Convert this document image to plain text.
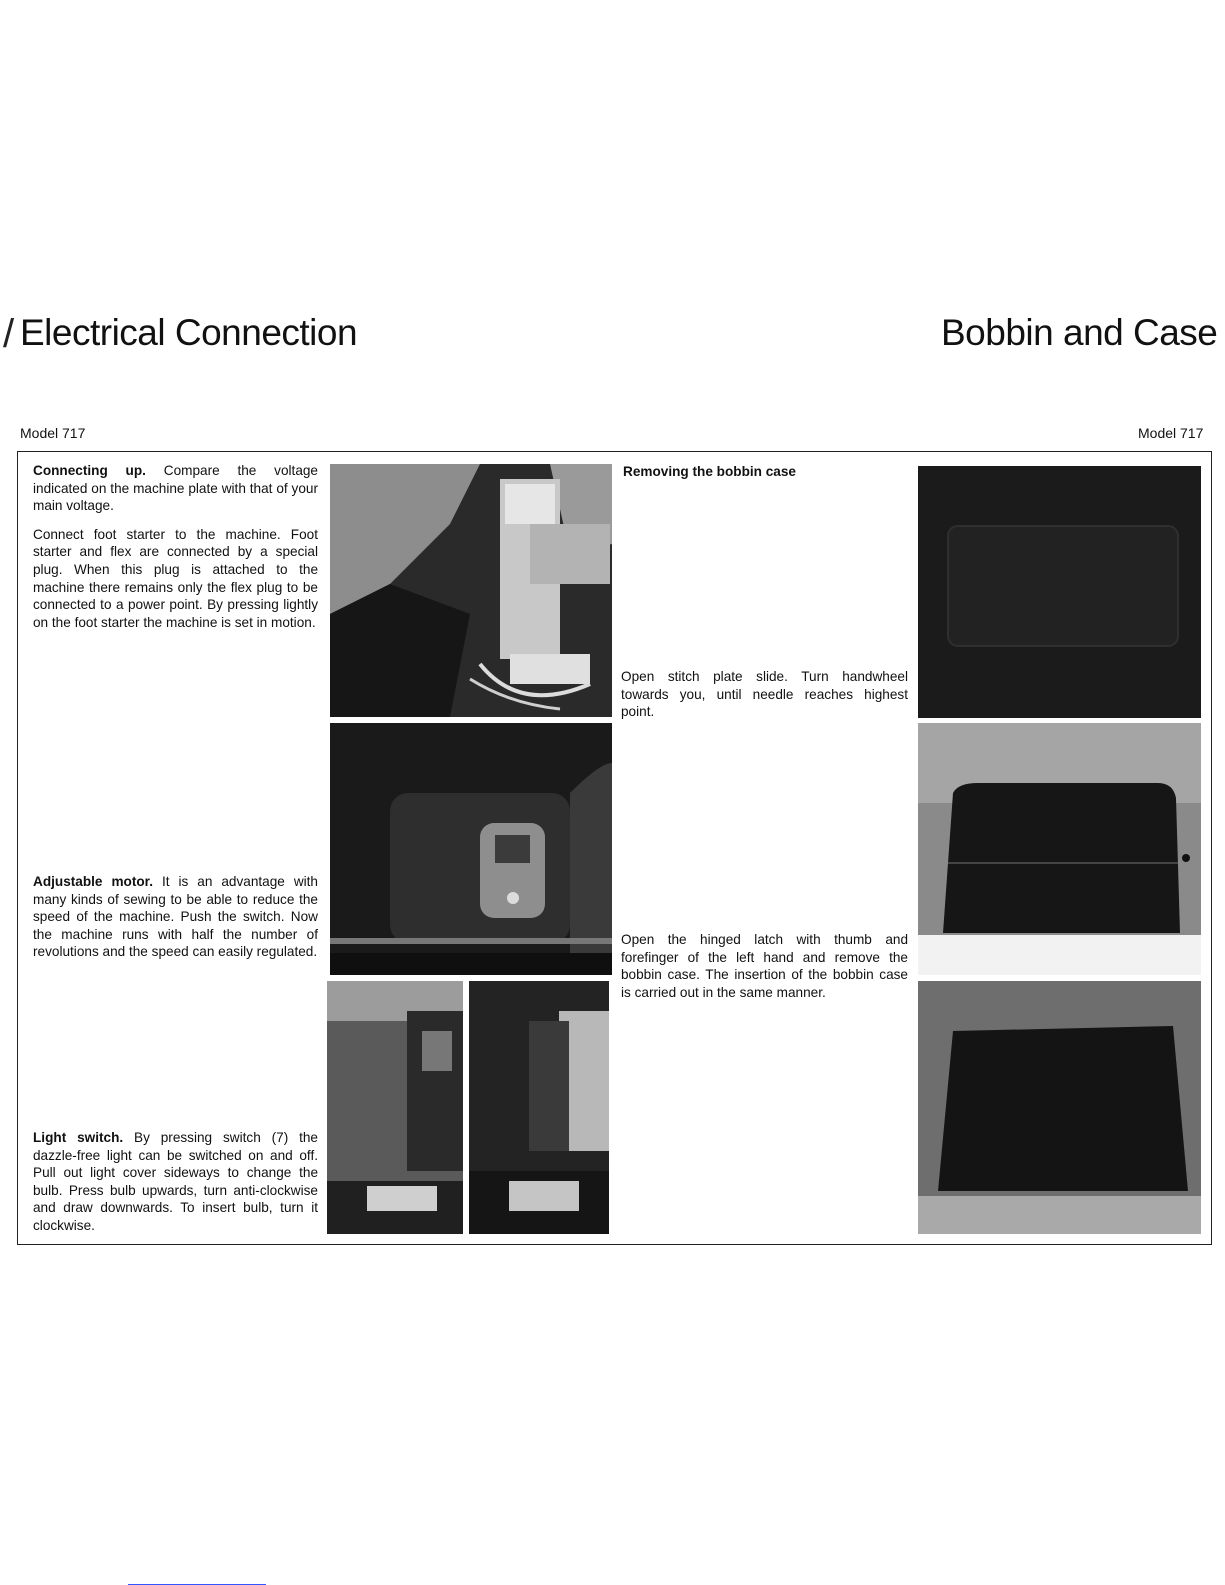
/ Electrical Connection	Bobbin and Case
Model 717	Model 717

Connecting up. Compare the voltage indicated on the machine plate with that of your main voltage.

Connect foot starter to the machine. Foot starter and flex are connected by a special plug. When this plug is attached to the machine there remains only the flex plug to be connected to a power point. By pressing lightly on the foot starter the machine is set in motion.

Adjustable motor. It is an advantage with many kinds of sewing to be able to reduce the speed of the machine. Push the switch. Now the machine runs with half the number of revolutions and the speed can easily regulated.

Light switch. By pressing switch (7) the dazzle-free light can be switched on and off. Pull out light cover sideways to change the bulb. Press bulb upwards, turn anti-clockwise and draw downwards. To insert bulb, turn it clockwise.

Removing the bobbin case

Open stitch plate slide. Turn handwheel towards you, until needle reaches highest point.

Open the hinged latch with thumb and forefinger of the left hand and remove the bobbin case. The insertion of the bobbin case is carried out in the same manner.
